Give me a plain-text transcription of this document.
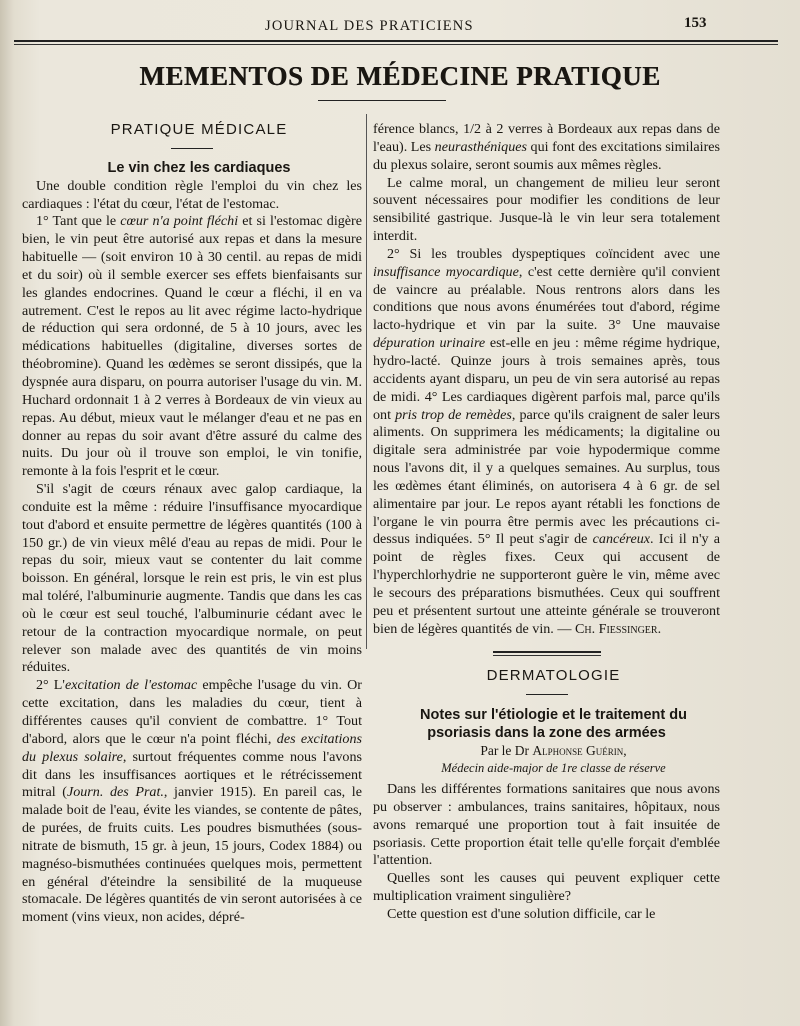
JOURNAL DES PRATICIENS	153
MEMENTOS DE MÉDECINE PRATIQUE

PRATIQUE MÉDICALE

Le vin chez les cardiaques

Une double condition règle l'emploi du vin chez les cardiaques : l'état du cœur, l'état de l'estomac.

1° Tant que le cœur n'a point fléchi et si l'estomac digère bien, le vin peut être autorisé aux repas et dans la mesure habituelle — (soit environ 10 à 30 centil. au repas de midi et du soir) où il semble exercer ses effets bienfaisants sur les glandes endocrines. Quand le cœur a fléchi, il en va autrement. C'est le repos au lit avec régime lacto-hydrique de réduction qui sera ordonné, de 5 à 10 jours, avec les médications habituelles (digitaline, diverses sortes de théobromine). Quand les œdèmes se seront dissipés, que la dyspnée aura disparu, on pourra autoriser l'usage du vin. M. Huchard ordonnait 1 à 2 verres à Bordeaux de vin vieux au repas. Au début, mieux vaut le mélanger d'eau et ne pas en donner au repas du soir avant d'être assuré du calme des nuits. Du jour où il trouve son emploi, le vin tonifie, remonte à la fois l'esprit et le cœur.

S'il s'agit de cœurs rénaux avec galop cardiaque, la conduite est la même : réduire l'insuffisance myocardique tout d'abord et ensuite permettre de légères quantités (100 à 150 gr.) de vin vieux mêlé d'eau au repas de midi. Pour le repas du soir, mieux vaut se contenter du lait comme boisson. En général, lorsque le rein est pris, le vin est plus mal toléré, l'albuminurie augmente. Tandis que dans les cas où le cœur est seul touché, l'albuminurie cédant avec le retour de la contraction myocardique normale, on peut relever son malade avec des quantités de vin moins réduites.

2° L'excitation de l'estomac empêche l'usage du vin. Or cette excitation, dans les maladies du cœur, tient à différentes causes qu'il convient de combattre. 1° Tout d'abord, alors que le cœur n'a point fléchi, des excitations du plexus solaire, surtout fréquentes comme nous l'avons dit dans les insuffisances aortiques et le rétrécissement mitral (Journ. des Prat., janvier 1915). En pareil cas, le malade boit de l'eau, évite les viandes, se contente de pâtes, de purées, de fruits cuits. Les poudres bismuthées (sous-nitrate de bismuth, 15 gr. à jeun, 15 jours, Codex 1884) ou magnéso-bismuthées continuées quelques mois, permettent en général d'éteindre la sensibilité de la muqueuse stomacale. De légères quantités de vin seront autorisées à ce moment (vins vieux, non acides, dépré-

férence blancs, 1/2 à 2 verres à Bordeaux aux repas dans de l'eau). Les neurasthéniques qui font des excitations similaires du plexus solaire, seront soumis aux mêmes règles.

Le calme moral, un changement de milieu leur seront souvent nécessaires pour modifier les conditions de leur sensibilité gastrique. Jusque-là le vin leur sera totalement interdit.

2° Si les troubles dyspeptiques coïncident avec une insuffisance myocardique, c'est cette dernière qu'il convient de vaincre au préalable. Nous rentrons alors dans les conditions que nous avons énumérées tout d'abord, régime lacto-hydrique et vin par la suite. 3° Une mauvaise dépuration urinaire est-elle en jeu : même régime hydrique, hydro-lacté. Quinze jours à trois semaines après, tous accidents ayant disparu, un peu de vin sera autorisé au repas de midi. 4° Les cardiaques digèrent parfois mal, parce qu'ils ont pris trop de remèdes, parce qu'ils craignent de saler leurs aliments. On supprimera les médicaments; la digitaline ou digitale sera administrée par voie hypodermique comme nous l'avons dit, il y a quelques semaines. Au surplus, tous les œdèmes étant éliminés, on autorisera 4 à 6 gr. de sel alimentaire par jour. Le repos ayant rétabli les fonctions de l'organe le vin pourra être permis avec les précautions ci-dessus indiquées. 5° Il peut s'agir de cancéreux. Ici il n'y a point de règles fixes. Ceux qui accusent de l'hyperchlorhydrie ne supporteront guère le vin, même avec le secours des préparations bismuthées. Ceux qui souffrent peu et présentent surtout une atteinte générale se trouveront bien de légères quantités de vin. — Ch. Fiessinger.

DERMATOLOGIE

Notes sur l'étiologie et le traitement du psoriasis dans la zone des armées

Par le Dr Alphonse Guérin,

Médecin aide-major de 1re classe de réserve

Dans les différentes formations sanitaires que nous avons pu observer : ambulances, trains sanitaires, hôpitaux, nous avons remarqué une proportion tout à fait insuitée de psoriasis. Cette proportion était telle qu'elle forçait d'emblée l'attention.

Quelles sont les causes qui peuvent expliquer cette multiplication vraiment singulière?

Cette question est d'une solution difficile, car le
